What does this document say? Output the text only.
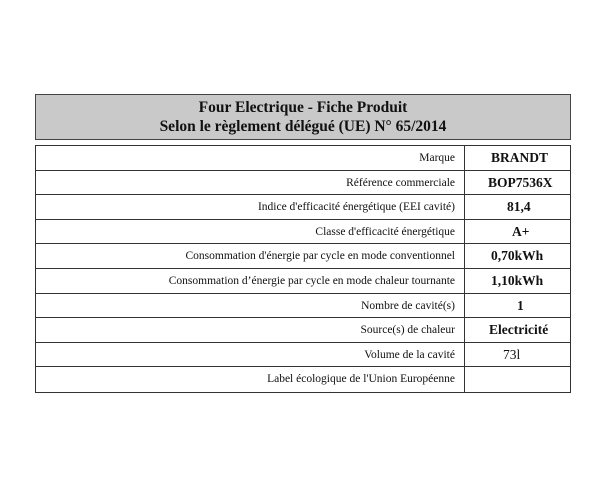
Four Electrique - Fiche Produit
Selon le règlement délégué (UE) N° 65/2014
Marque	BRANDT
Référence commerciale	BOP7536X
Indice d'efficacité énergétique (EEI cavité)	81,4
Classe d'efficacité énergétique	A+
Consommation d'énergie par cycle en mode conventionnel	0,70kWh
Consommation d’énergie par cycle en mode chaleur tournante	1,10kWh
Nombre de cavité(s)	1
Source(s) de chaleur	Electricité
Volume de la cavité	73l
Label écologique de l'Union Européenne
